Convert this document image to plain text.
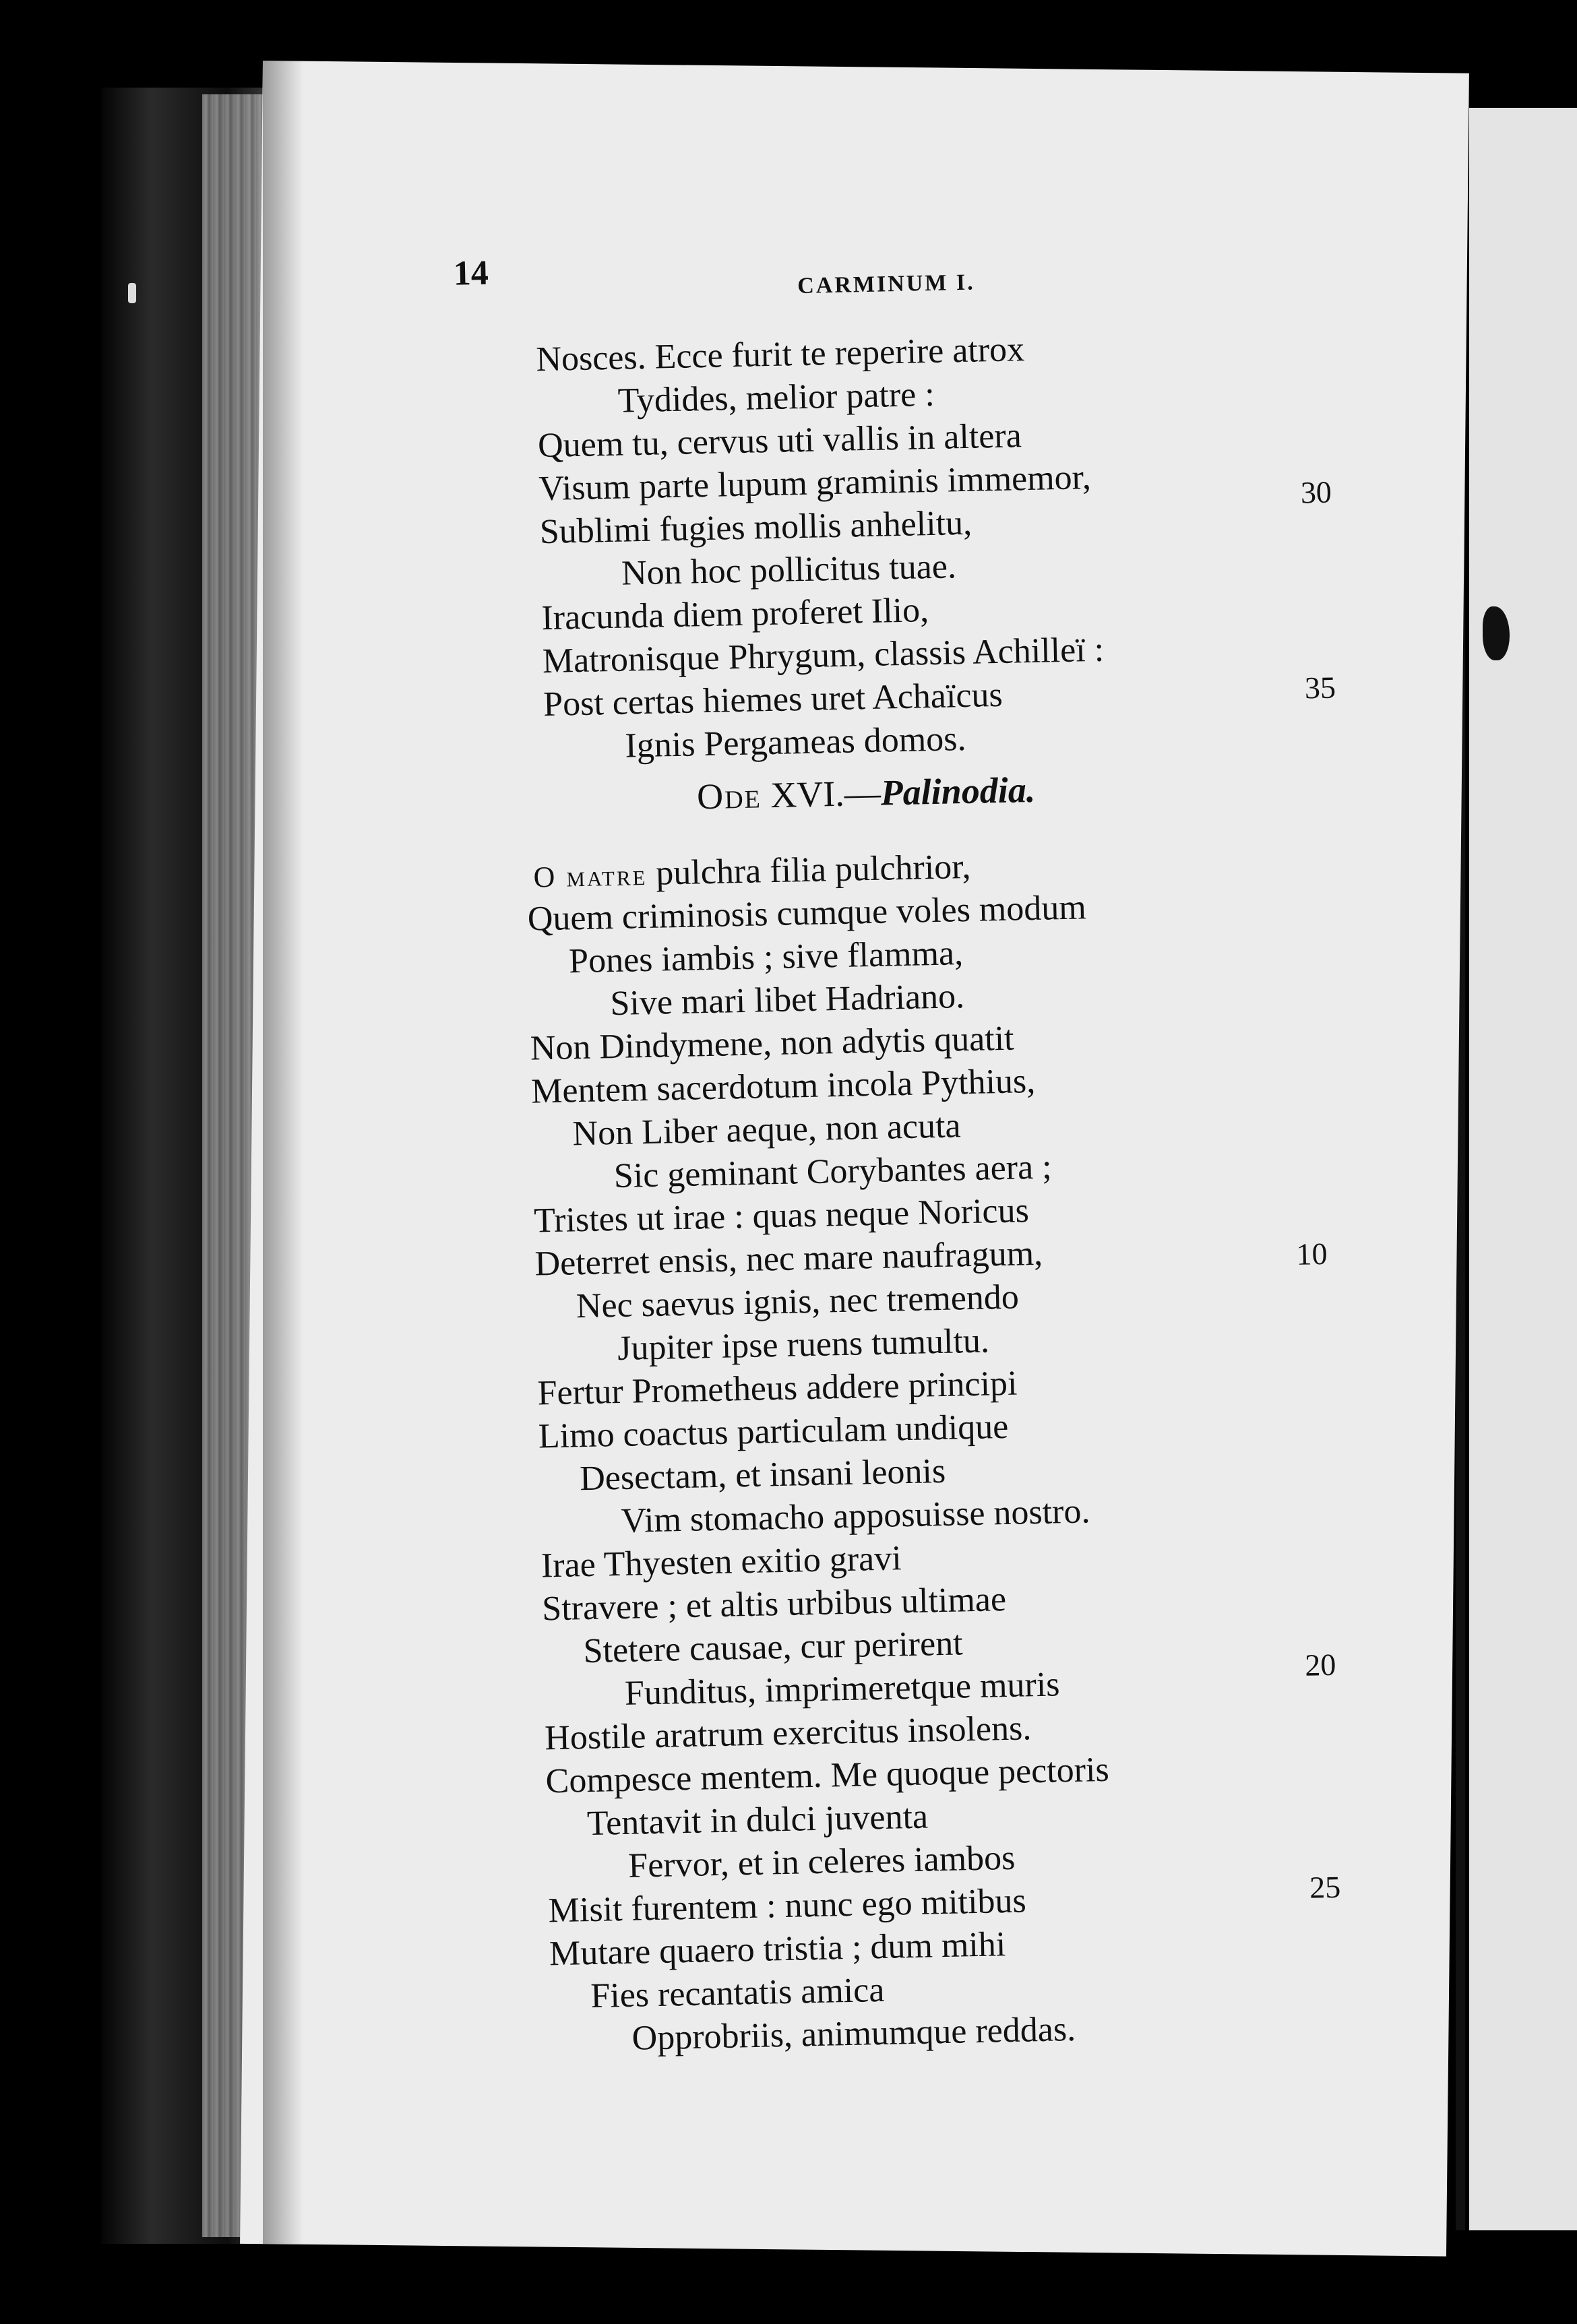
14	CARMINUM I.
Nosces. Ecce furit te reperire atrox
Tydides, melior patre :
Quem tu, cervus uti vallis in altera
Visum parte lupum graminis immemor,	30
Sublimi fugies mollis anhelitu,
Non hoc pollicitus tuae.
Iracunda diem proferet Ilio,
Matronisque Phrygum, classis Achilleï :
Post certas hiemes uret Achaïcus	35
Ignis Pergameas domos.
Ode XVI.—Palinodia.
O matre pulchra filia pulchrior,
Quem criminosis cumque voles modum
Pones iambis ; sive flamma,
Sive mari libet Hadriano.
Non Dindymene, non adytis quatit
Mentem sacerdotum incola Pythius,
Non Liber aeque, non acuta
Sic geminant Corybantes aera ;
Tristes ut irae : quas neque Noricus
Deterret ensis, nec mare naufragum,	10
Nec saevus ignis, nec tremendo
Jupiter ipse ruens tumultu.
Fertur Prometheus addere principi
Limo coactus particulam undique
Desectam, et insani leonis
Vim stomacho apposuisse nostro.
Irae Thyesten exitio gravi
Stravere ; et altis urbibus ultimae
Stetere causae, cur perirent
Funditus, imprimeretque muris
20
Hostile aratrum exercitus insolens.
Compesce mentem. Me quoque pectoris
Tentavit in dulci juventa
Fervor, et in celeres iambos
Misit furentem : nunc ego mitibus	25
Mutare quaero tristia ; dum mihi
Fies recantatis amica
Opprobriis, animumque reddas.
